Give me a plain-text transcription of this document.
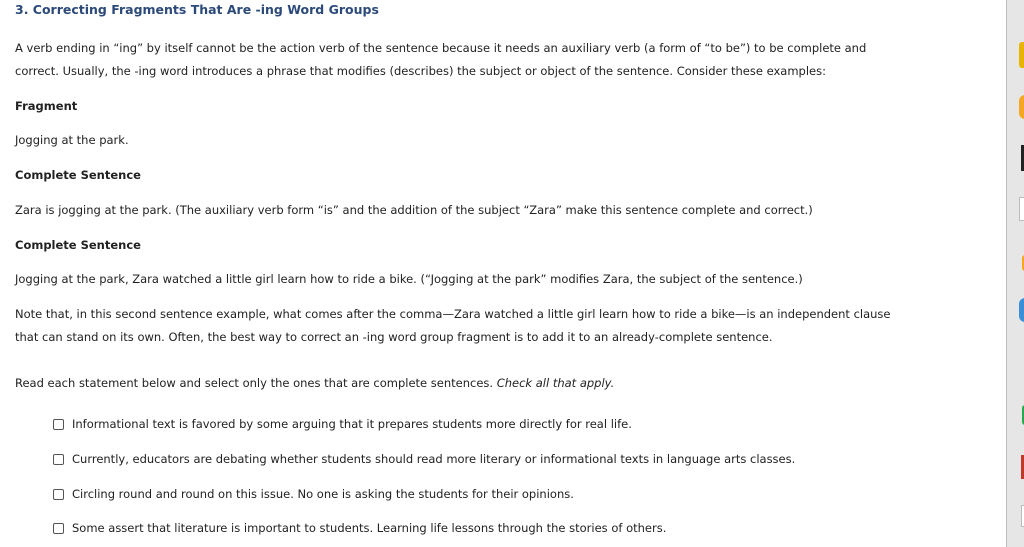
3. Correcting Fragments That Are -ing Word Groups
A verb ending in “ing” by itself cannot be the action verb of the sentence because it needs an auxiliary verb (a form of “to be”) to be complete and
correct. Usually, the -ing word introduces a phrase that modifies (describes) the subject or object of the sentence. Consider these examples:
Fragment
Jogging at the park.
Complete Sentence
Zara is jogging at the park. (The auxiliary verb form “is” and the addition of the subject “Zara” make this sentence complete and correct.)
Complete Sentence
Jogging at the park, Zara watched a little girl learn how to ride a bike. (“Jogging at the park” modifies Zara, the subject of the sentence.)
Note that, in this second sentence example, what comes after the comma—Zara watched a little girl learn how to ride a bike—is an independent clause
that can stand on its own. Often, the best way to correct an -ing word group fragment is to add it to an already-complete sentence.
Read each statement below and select only the ones that are complete sentences. Check all that apply.
Informational text is favored by some arguing that it prepares students more directly for real life.
Currently, educators are debating whether students should read more literary or informational texts in language arts classes.
Circling round and round on this issue. No one is asking the students for their opinions.
Some assert that literature is important to students. Learning life lessons through the stories of others.
